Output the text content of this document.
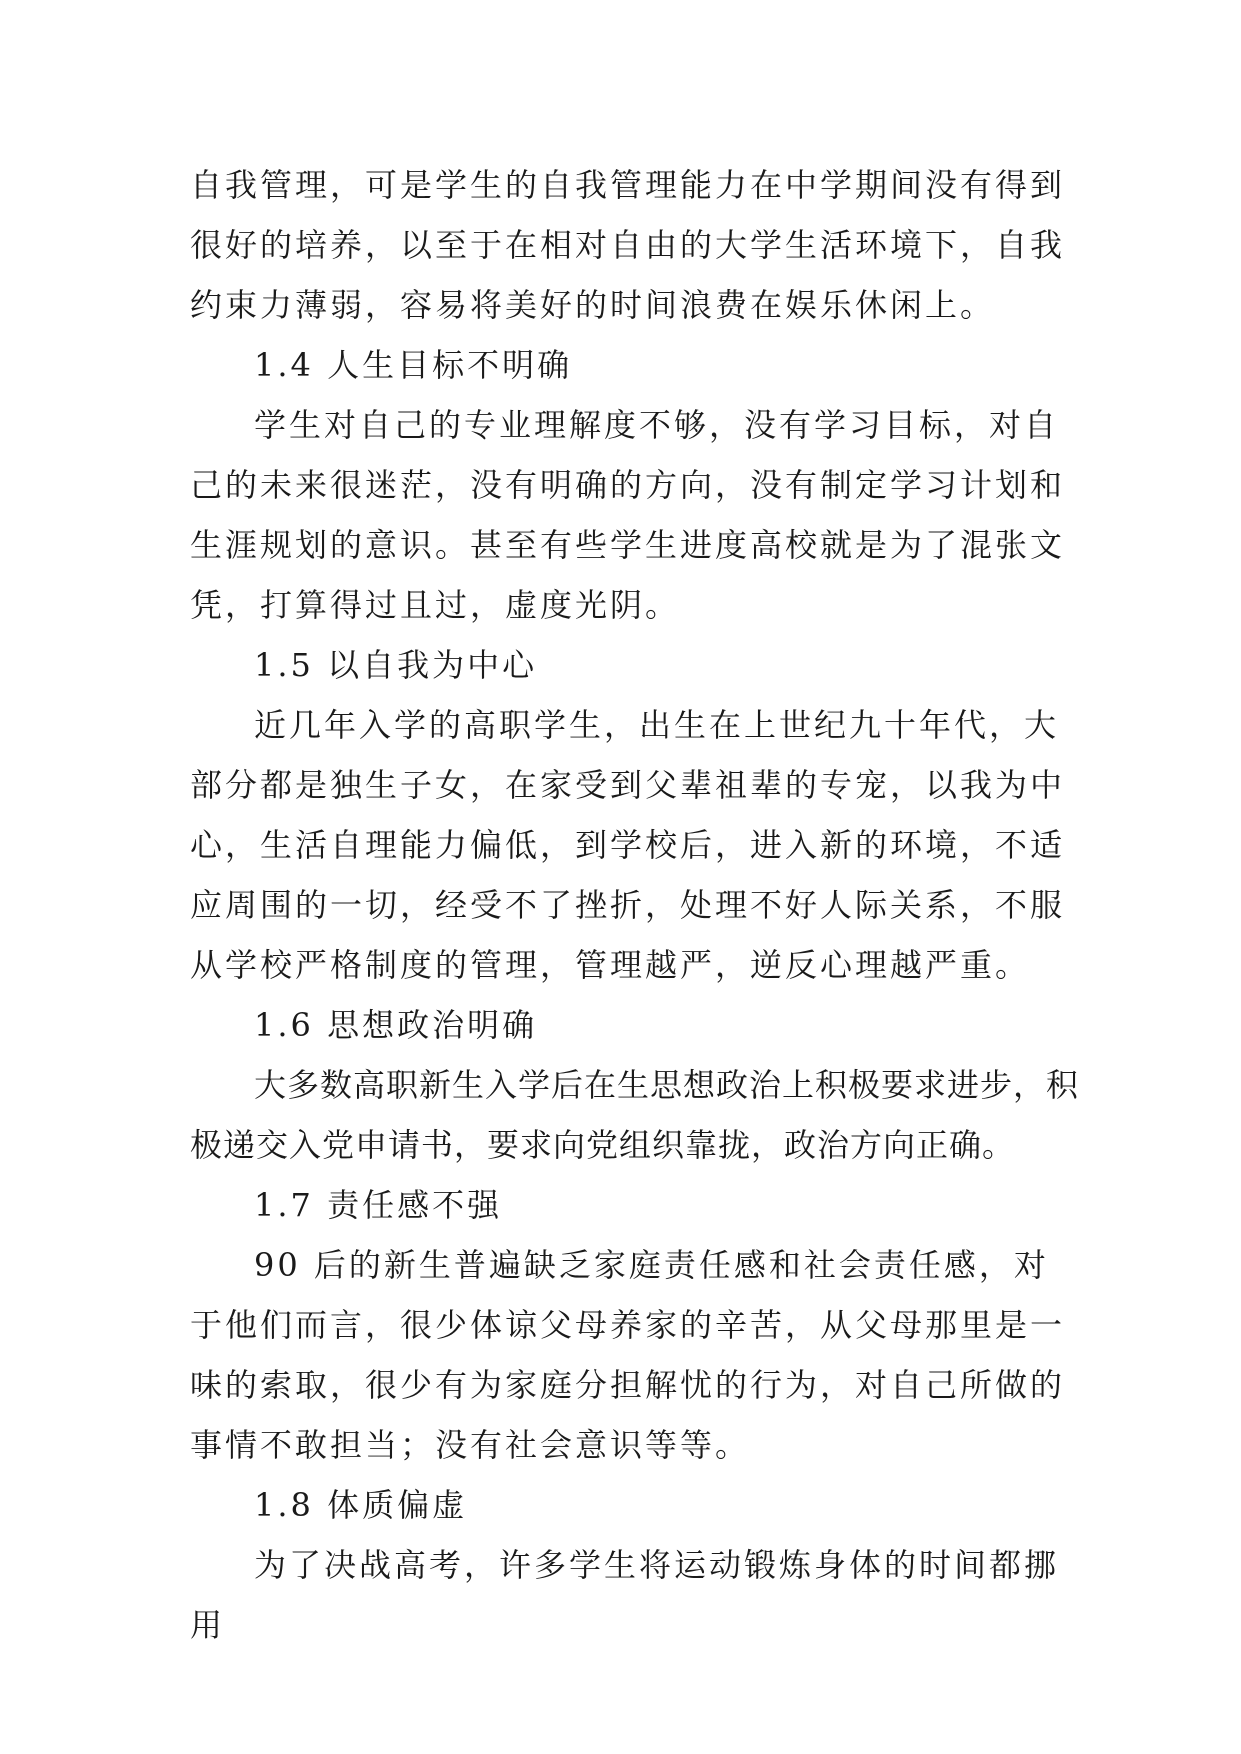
自我管理，可是学生的自我管理能力在中学期间没有得到很好的培养，以至于在相对自由的大学生活环境下，自我约束力薄弱，容易将美好的时间浪费在娱乐休闲上。

1.4 人生目标不明确

学生对自己的专业理解度不够，没有学习目标，对自己的未来很迷茫，没有明确的方向，没有制定学习计划和生涯规划的意识。甚至有些学生进度高校就是为了混张文凭，打算得过且过，虚度光阴。

1.5 以自我为中心

近几年入学的高职学生，出生在上世纪九十年代，大部分都是独生子女，在家受到父辈祖辈的专宠，以我为中心，生活自理能力偏低，到学校后，进入新的环境，不适应周围的一切，经受不了挫折，处理不好人际关系，不服从学校严格制度的管理，管理越严，逆反心理越严重。

1.6 思想政治明确

大多数高职新生入学后在生思想政治上积极要求进步，积极递交入党申请书，要求向党组织靠拢，政治方向正确。

1.7 责任感不强

90 后的新生普遍缺乏家庭责任感和社会责任感，对于他们而言，很少体谅父母养家的辛苦，从父母那里是一味的索取，很少有为家庭分担解忧的行为，对自己所做的事情不敢担当；没有社会意识等等。

1.8 体质偏虚

为了决战高考，许多学生将运动锻炼身体的时间都挪用
